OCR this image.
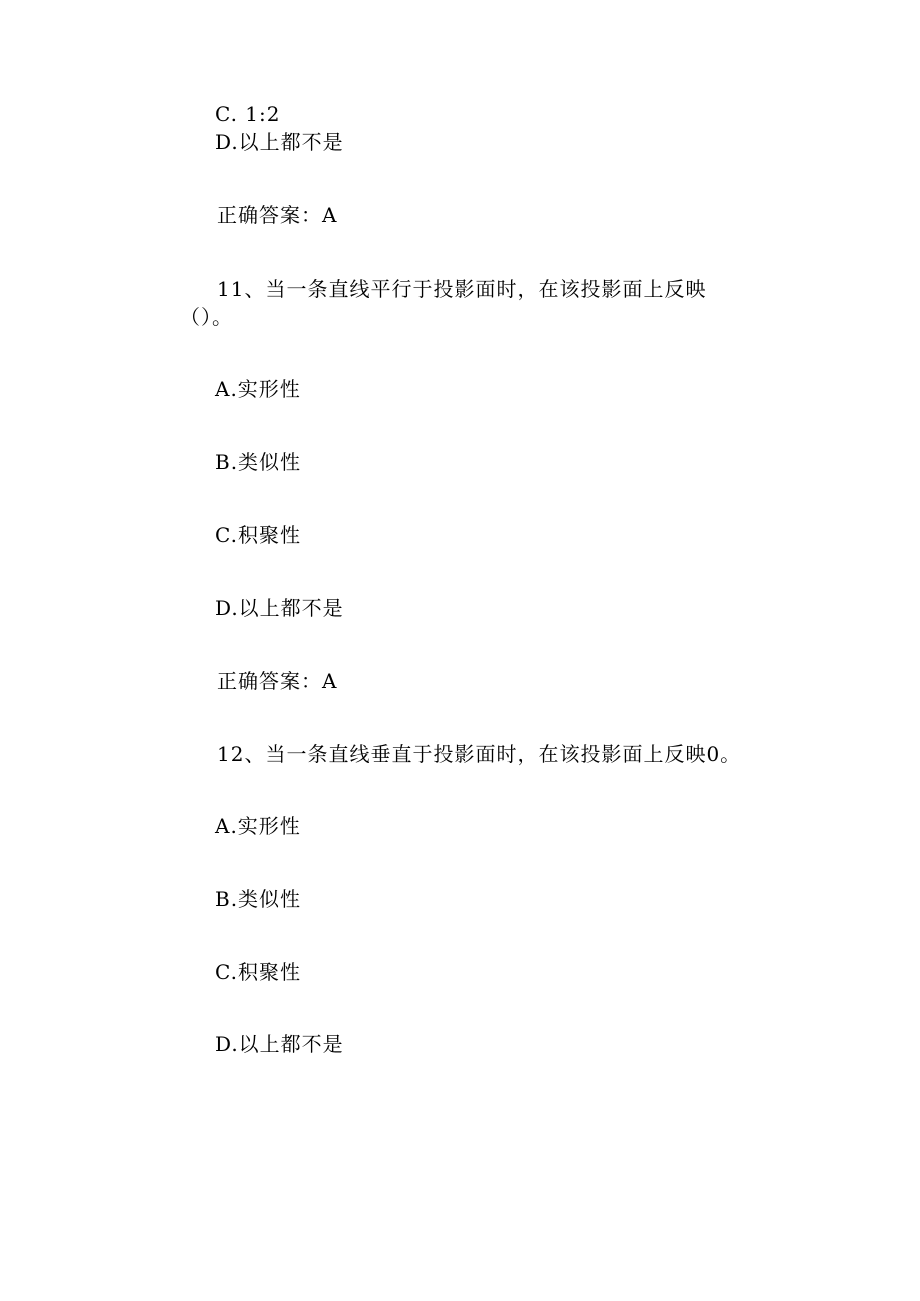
C. 1:2
D.以上都不是
正确答案：A
11、当一条直线平行于投影面时，在该投影面上反映
（）。
A.实形性
B.类似性
C.积聚性
D.以上都不是
正确答案：A
12、当一条直线垂直于投影面时，在该投影面上反映0。
A.实形性
B.类似性
C.积聚性
D.以上都不是
